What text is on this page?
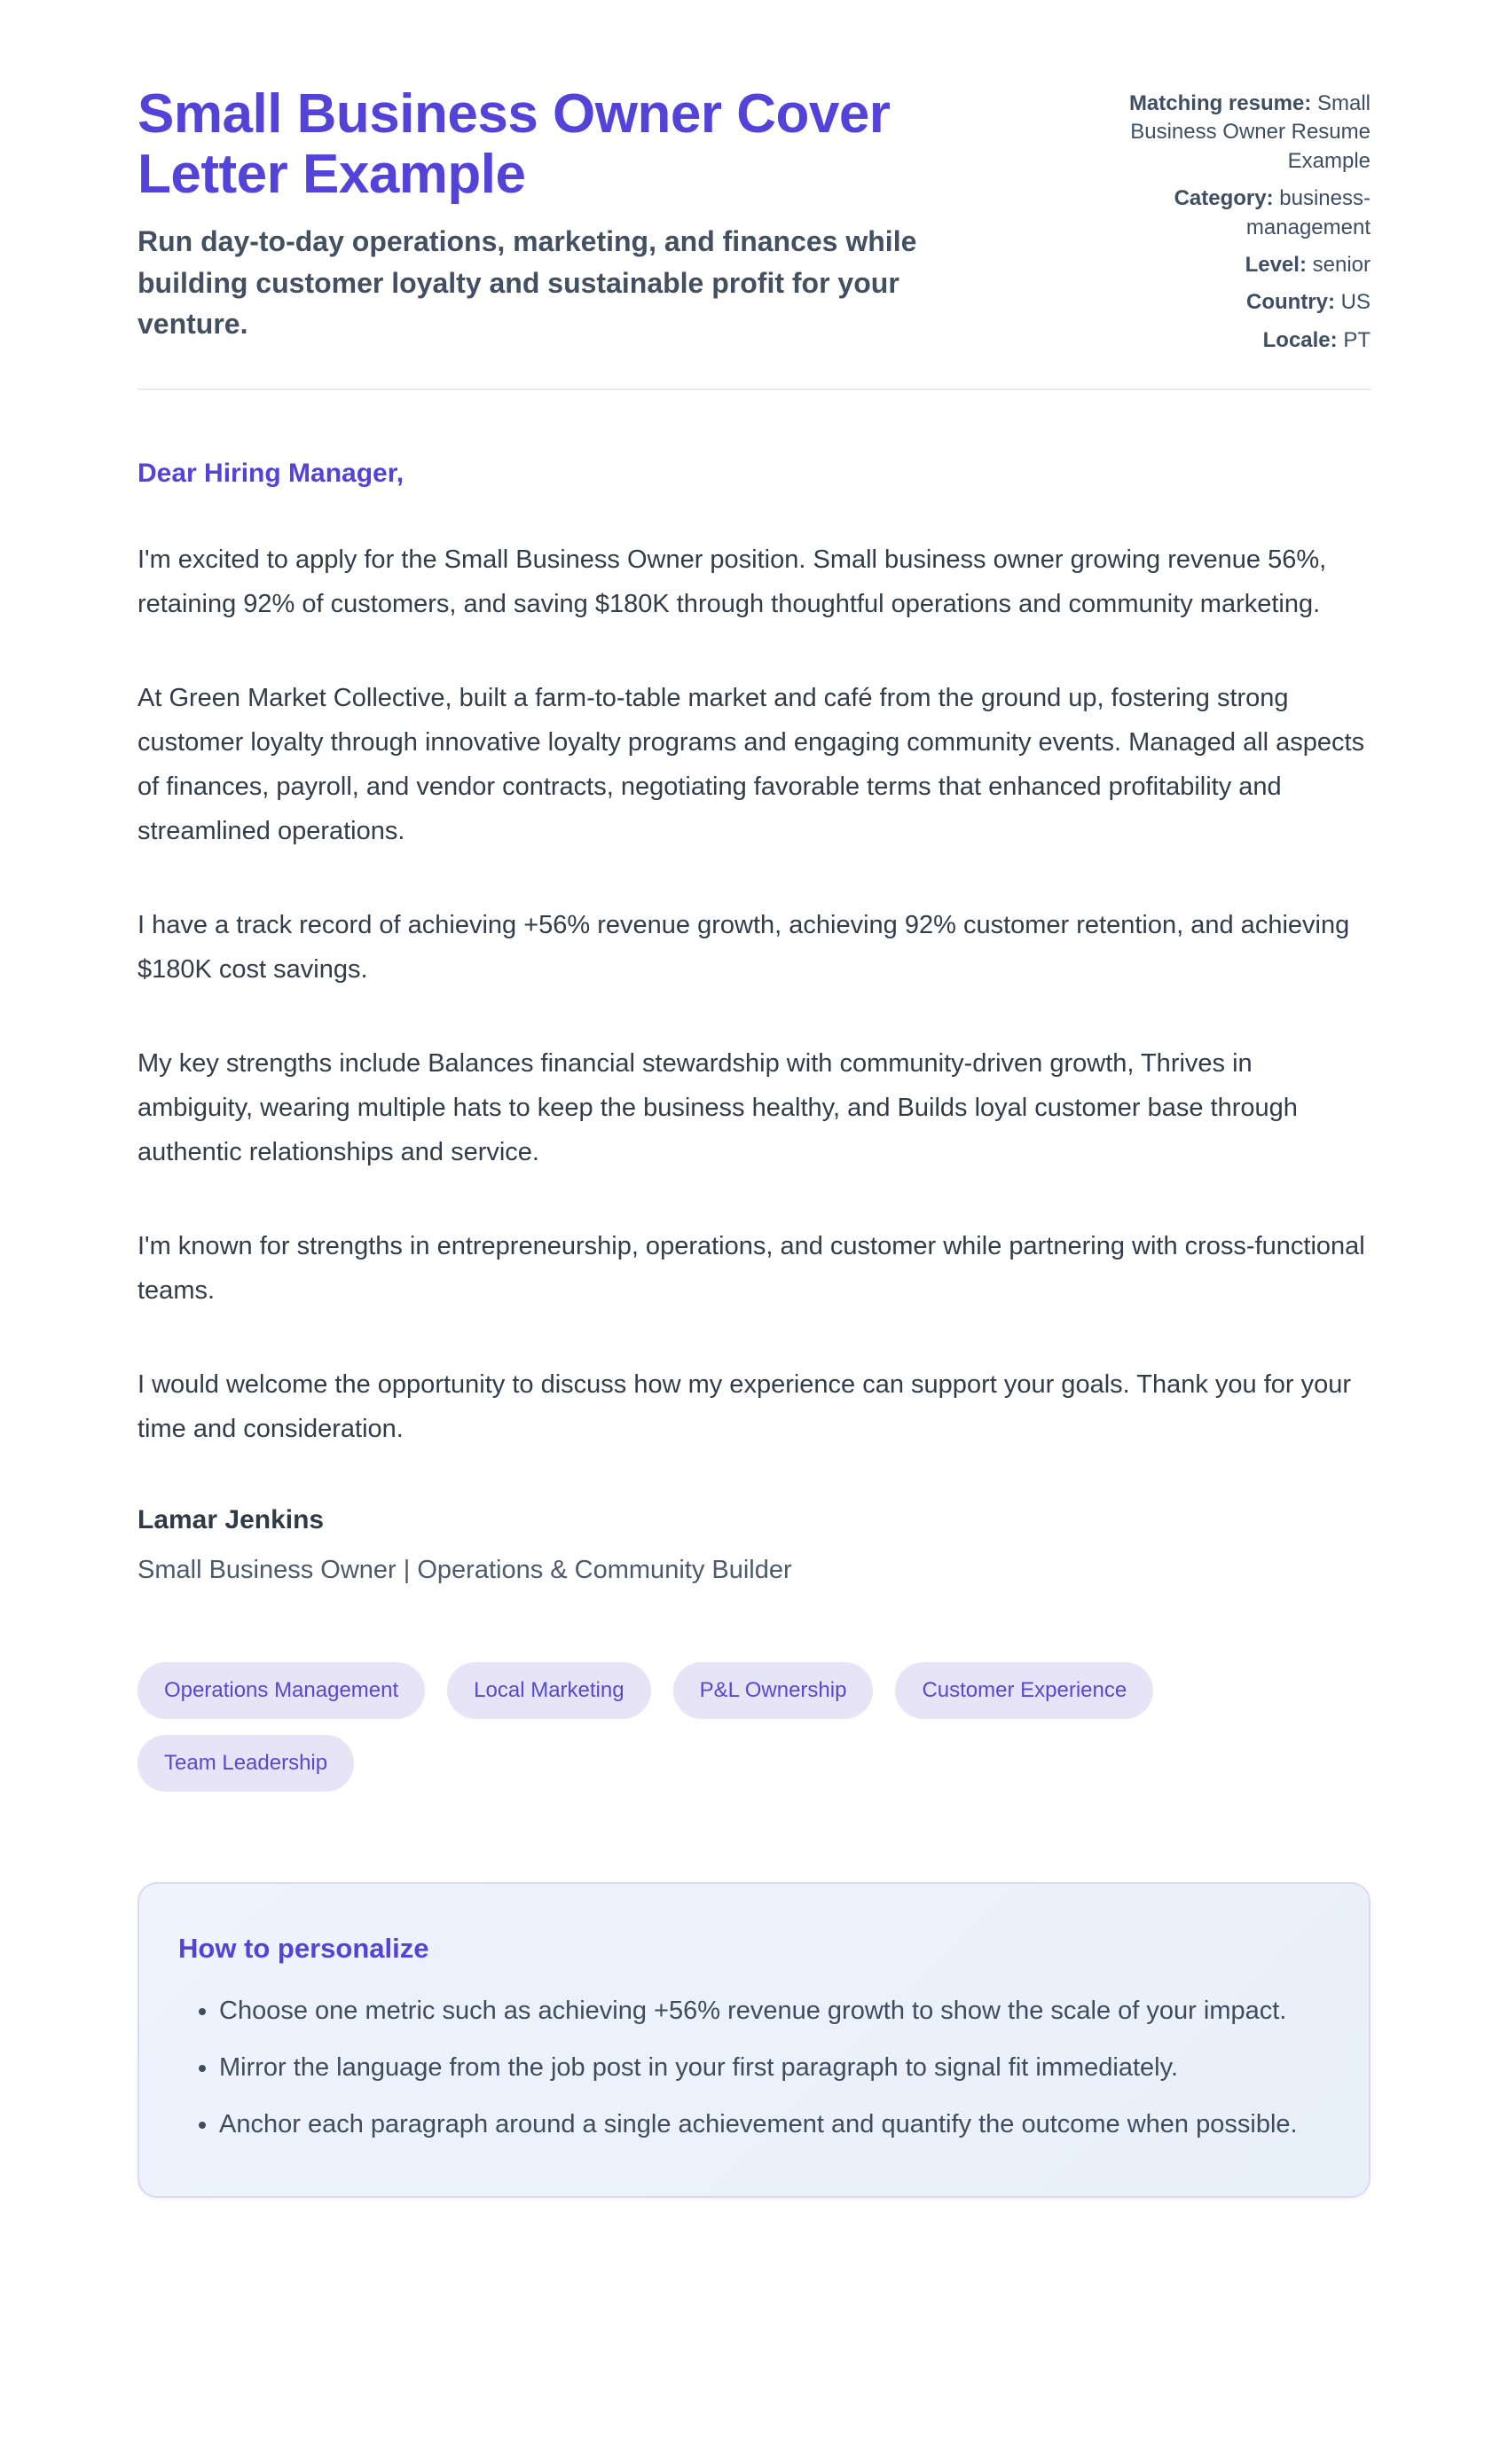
Small Business Owner Cover Letter Example
Run day-to-day operations, marketing, and finances while building customer loyalty and sustainable profit for your venture.
Matching resume: Small Business Owner Resume Example
Category: business-management
Level: senior
Country: US
Locale: PT
Dear Hiring Manager,

I'm excited to apply for the Small Business Owner position. Small business owner growing revenue 56%, retaining 92% of customers, and saving $180K through thoughtful operations and community marketing.

At Green Market Collective, built a farm-to-table market and café from the ground up, fostering strong customer loyalty through innovative loyalty programs and engaging community events. Managed all aspects of finances, payroll, and vendor contracts, negotiating favorable terms that enhanced profitability and streamlined operations.

I have a track record of achieving +56% revenue growth, achieving 92% customer retention, and achieving $180K cost savings.

My key strengths include Balances financial stewardship with community-driven growth, Thrives in ambiguity, wearing multiple hats to keep the business healthy, and Builds loyal customer base through authentic relationships and service.

I'm known for strengths in entrepreneurship, operations, and customer while partnering with cross-functional teams.

I would welcome the opportunity to discuss how my experience can support your goals. Thank you for your time and consideration.

Lamar Jenkins
Small Business Owner | Operations & Community Builder
Operations Management	Local Marketing	P&L Ownership	Customer Experience
Team Leadership
How to personalize
• Choose one metric such as achieving +56% revenue growth to show the scale of your impact.
• Mirror the language from the job post in your first paragraph to signal fit immediately.
• Anchor each paragraph around a single achievement and quantify the outcome when possible.
